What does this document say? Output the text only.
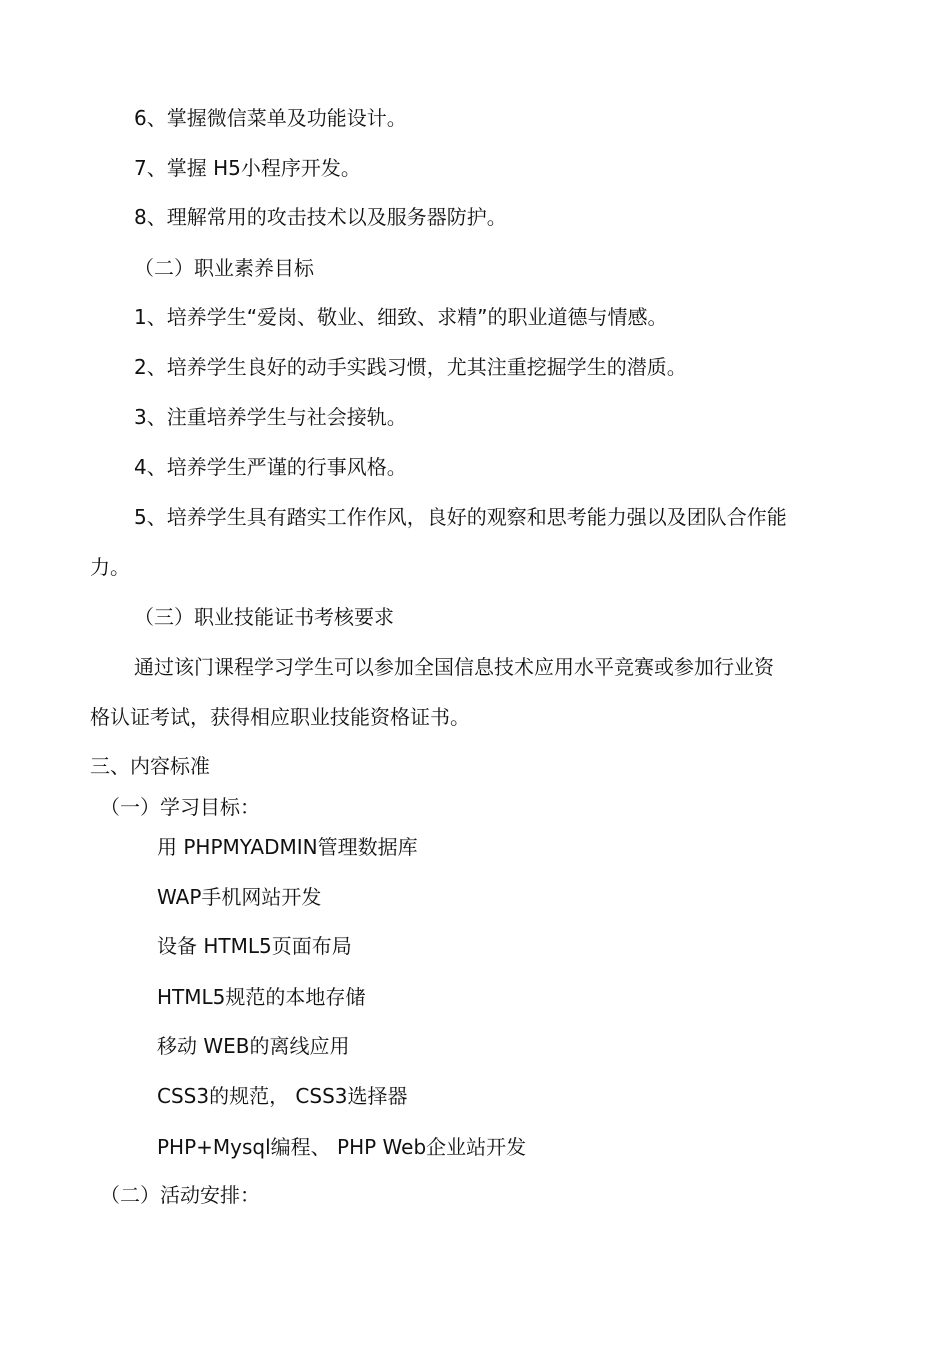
6、掌握微信菜单及功能设计。
7、掌握 H5小程序开发。
8、理解常用的攻击技术以及服务器防护。
（二）职业素养目标
1、培养学生“爱岗、敬业、细致、求精”的职业道德与情感。
2、培养学生良好的动手实践习惯，尤其注重挖掘学生的潜质。
3、注重培养学生与社会接轨。
4、培养学生严谨的行事风格。
5、培养学生具有踏实工作作风，良好的观察和思考能力强以及团队合作能
力。
（三）职业技能证书考核要求
通过该门课程学习学生可以参加全国信息技术应用水平竞赛或参加行业资
格认证考试，获得相应职业技能资格证书。
三、内容标准
（一）学习目标：
用 PHPMYADMIN管理数据库
WAP手机网站开发
设备 HTML5页面布局
HTML5规范的本地存储
移动 WEB的离线应用
CSS3的规范， CSS3选择器
PHP+Mysql编程、 PHP Web企业站开发
（二）活动安排：
